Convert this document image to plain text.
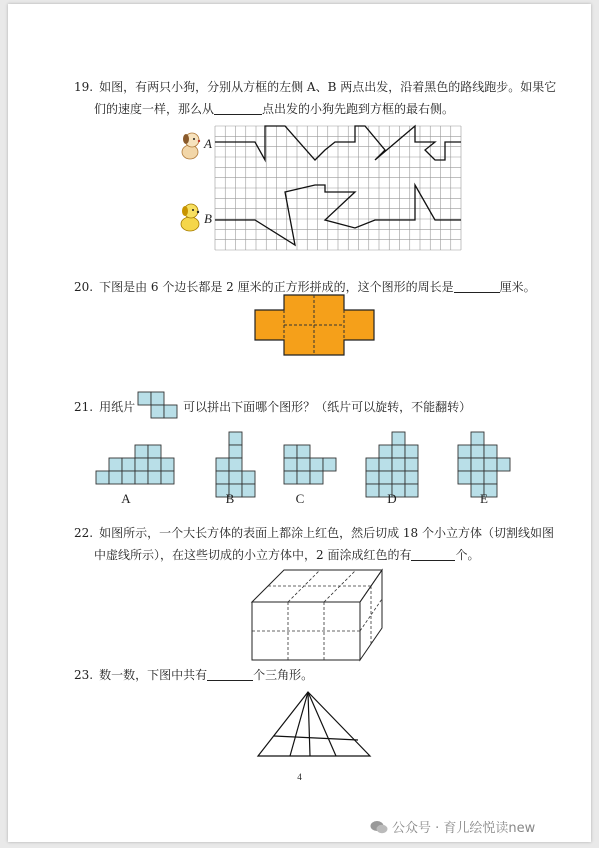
19. 如图，有两只小狗，分别从方框的左侧 A、B 两点出发，沿着黑色的路线跑步。如果它
们的速度一样，那么从	点出发的小狗先跑到方框的最右侧。
A
B
20. 下图是由 6 个边长都是 2 厘米的正方形拼成的，这个图形的周长是	厘米。
21. 用纸片	可以拼出下面哪个图形？（纸片可以旋转，不能翻转）
A	B	C	D	E
22. 如图所示，一个大长方体的表面上都涂上红色，然后切成 18 个小立方体（切割线如图
中虚线所示），在这些切成的小立方体中，2 面涂成红色的有	个。
23. 数一数，下图中共有	个三角形。
4
公众号 · 育儿绘悦读new
